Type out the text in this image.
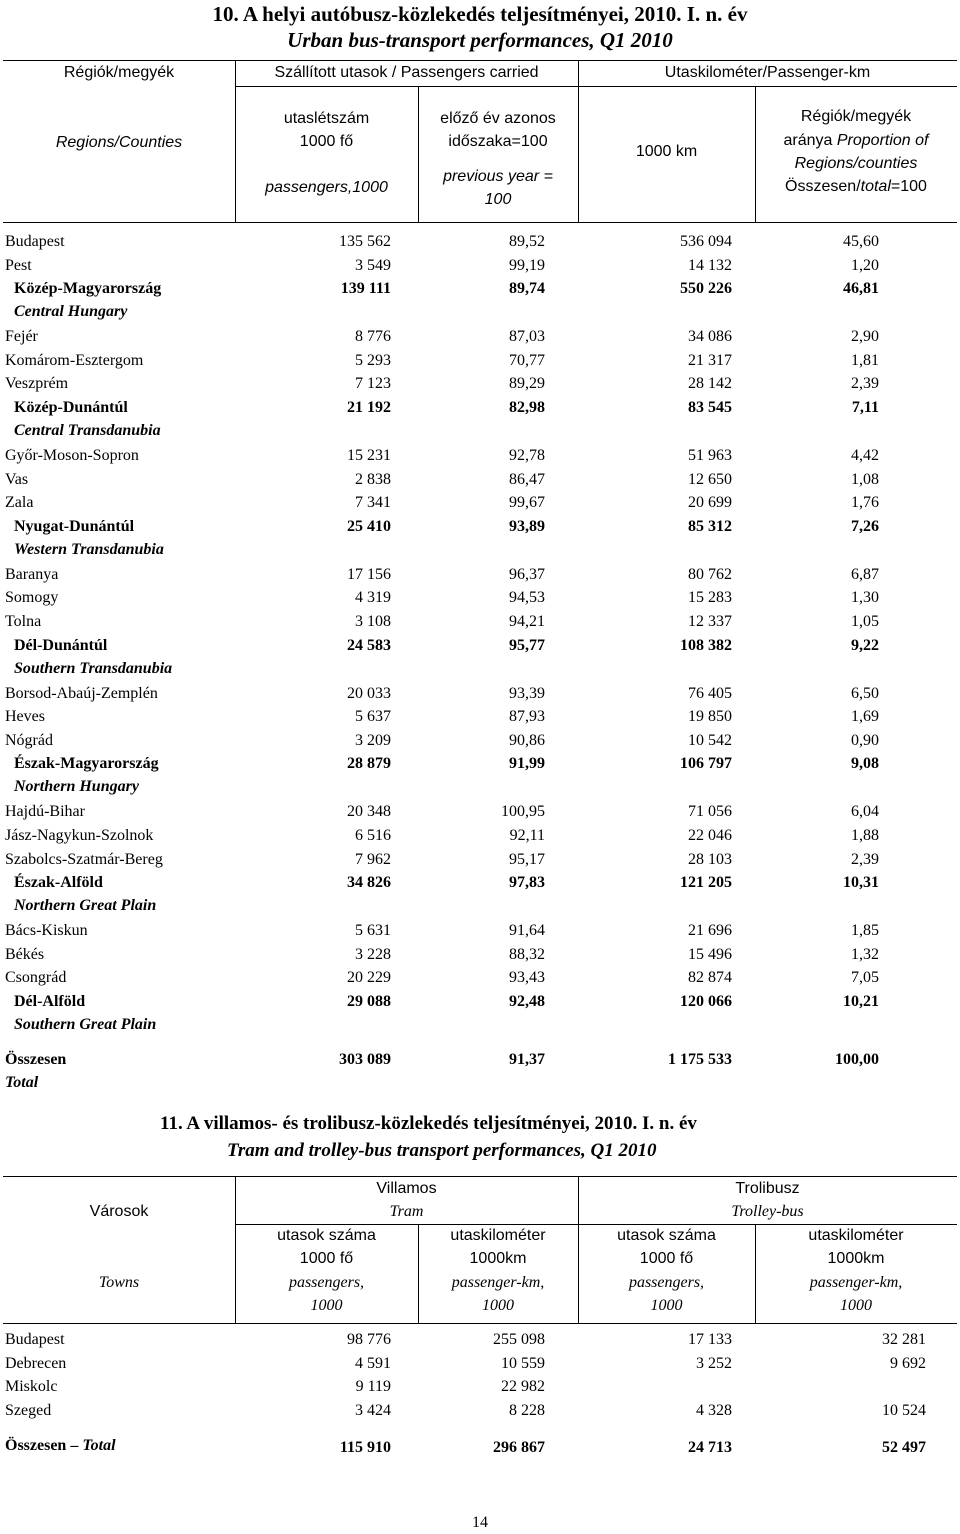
10. A helyi autóbusz-közlekedés teljesítményei, 2010. I. n. év
Urban bus-transport performances, Q1 2010
Régiók/megyék
Regions/Counties
Szállított utasok / Passengers carried	Utaskilométer/Passenger-km
utaslétszám
1000 fő
passengers,1000
előző év azonos
időszaka=100
previous year =
100
1000 km
Régiók/megyék
aránya Proportion of
Regions/counties
Összesen/total=100
Budapest	135 562	89,52	536 094	45,60
Pest	3 549	99,19	14 132	1,20
Közép-Magyarország	139 111	89,74	550 226	46,81
Central Hungary
Fejér	8 776	87,03	34 086	2,90
Komárom-Esztergom	5 293	70,77	21 317	1,81
Veszprém	7 123	89,29	28 142	2,39
Közép-Dunántúl	21 192	82,98	83 545	7,11
Central Transdanubia
Győr-Moson-Sopron	15 231	92,78	51 963	4,42
Vas	2 838	86,47	12 650	1,08
Zala	7 341	99,67	20 699	1,76
Nyugat-Dunántúl	25 410	93,89	85 312	7,26
Western Transdanubia
Baranya	17 156	96,37	80 762	6,87
Somogy	4 319	94,53	15 283	1,30
Tolna	3 108	94,21	12 337	1,05
Dél-Dunántúl	24 583	95,77	108 382	9,22
Southern Transdanubia
Borsod-Abaúj-Zemplén	20 033	93,39	76 405	6,50
Heves	5 637	87,93	19 850	1,69
Nógrád	3 209	90,86	10 542	0,90
Észak-Magyarország	28 879	91,99	106 797	9,08
Northern Hungary
Hajdú-Bihar	20 348	100,95	71 056	6,04
Jász-Nagykun-Szolnok	6 516	92,11	22 046	1,88
Szabolcs-Szatmár-Bereg	7 962	95,17	28 103	2,39
Észak-Alföld	34 826	97,83	121 205	10,31
Northern Great Plain
Bács-Kiskun	5 631	91,64	21 696	1,85
Békés	3 228	88,32	15 496	1,32
Csongrád	20 229	93,43	82 874	7,05
Dél-Alföld	29 088	92,48	120 066	10,21
Southern Great Plain
Összesen	303 089	91,37	1 175 533	100,00
Total
11. A villamos- és trolibusz-közlekedés teljesítményei, 2010. I. n. év
Tram and trolley-bus transport performances, Q1 2010
Városok
Towns
Villamos
Tram
Trolibusz
Trolley-bus
utasok száma
1000 fő
passengers,
1000
utaskilométer
1000km
passenger-km,
1000
utasok száma
1000 fő
passengers,
1000
utaskilométer
1000km
passenger-km,
1000
Budapest	98 776	255 098	17 133	32 281
Debrecen	4 591	10 559	3 252	9 692
Miskolc	9 119	22 982
Szeged	3 424	8 228	4 328	10 524
Összesen – Total	115 910	296 867	24 713	52 497
14
